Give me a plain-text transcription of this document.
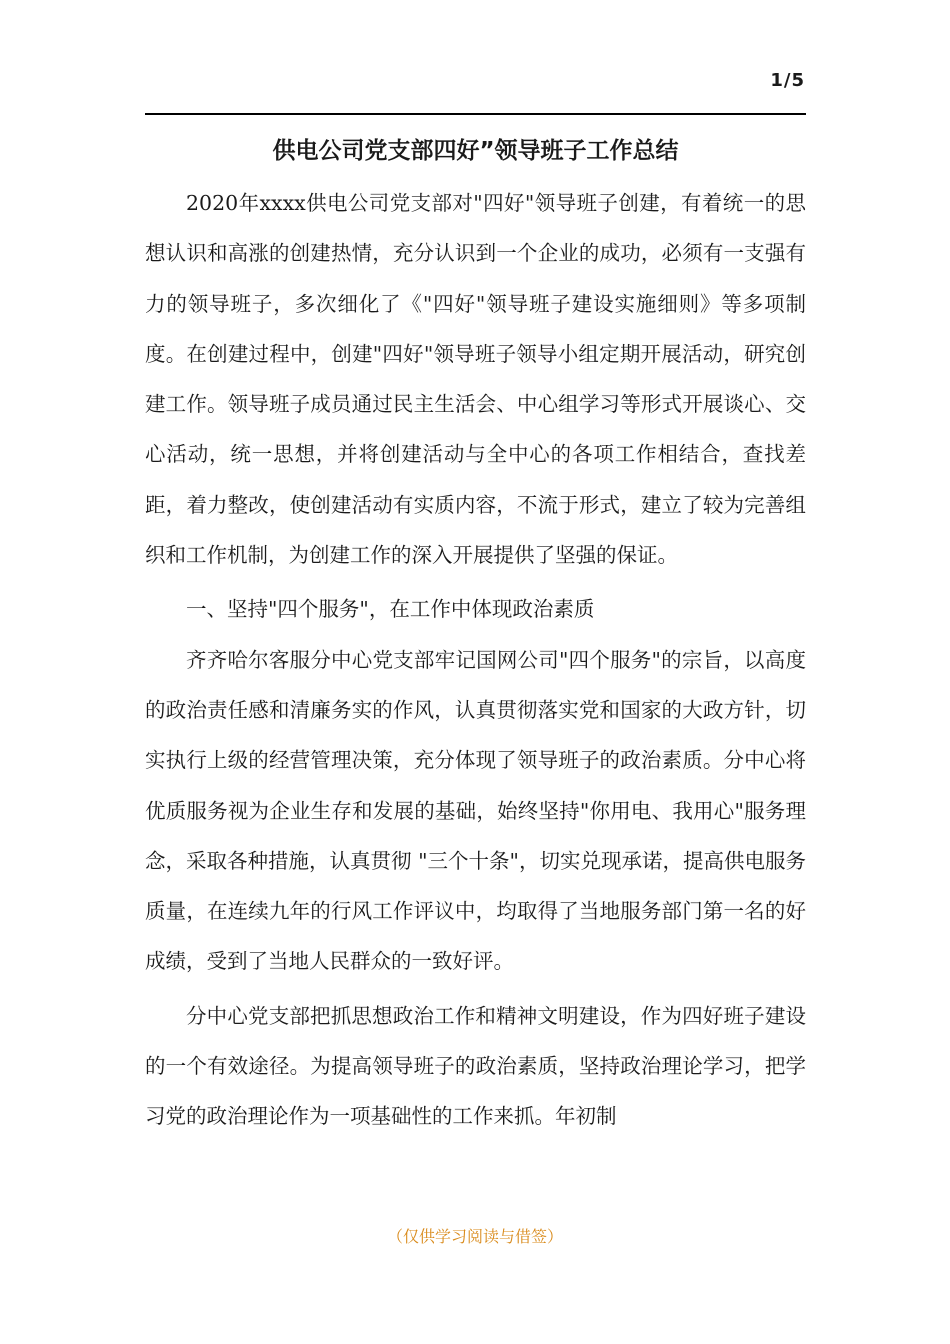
1/5
供电公司党支部四好”领导班子工作总结

2020年xxxx供电公司党支部对"四好"领导班子创建，有着统一的思想认识和高涨的创建热情，充分认识到一个企业的成功，必须有一支强有力的领导班子，多次细化了《"四好"领导班子建设实施细则》等多项制度。在创建过程中，创建"四好"领导班子领导小组定期开展活动，研究创建工作。领导班子成员通过民主生活会、中心组学习等形式开展谈心、交心活动，统一思想，并将创建活动与全中心的各项工作相结合，查找差距，着力整改，使创建活动有实质内容，不流于形式，建立了较为完善组织和工作机制，为创建工作的深入开展提供了坚强的保证。

一、坚持"四个服务"，在工作中体现政治素质

齐齐哈尔客服分中心党支部牢记国网公司"四个服务"的宗旨，以高度的政治责任感和清廉务实的作风，认真贯彻落实党和国家的大政方针，切实执行上级的经营管理决策，充分体现了领导班子的政治素质。分中心将优质服务视为企业生存和发展的基础，始终坚持"你用电、我用心"服务理念，采取各种措施，认真贯彻 "三个十条"，切实兑现承诺，提高供电服务质量，在连续九年的行风工作评议中，均取得了当地服务部门第一名的好成绩，受到了当地人民群众的一致好评。

分中心党支部把抓思想政治工作和精神文明建设，作为四好班子建设的一个有效途径。为提高领导班子的政治素质，坚持政治理论学习，把学习党的政治理论作为一项基础性的工作来抓。年初制

（仅供学习阅读与借签）
